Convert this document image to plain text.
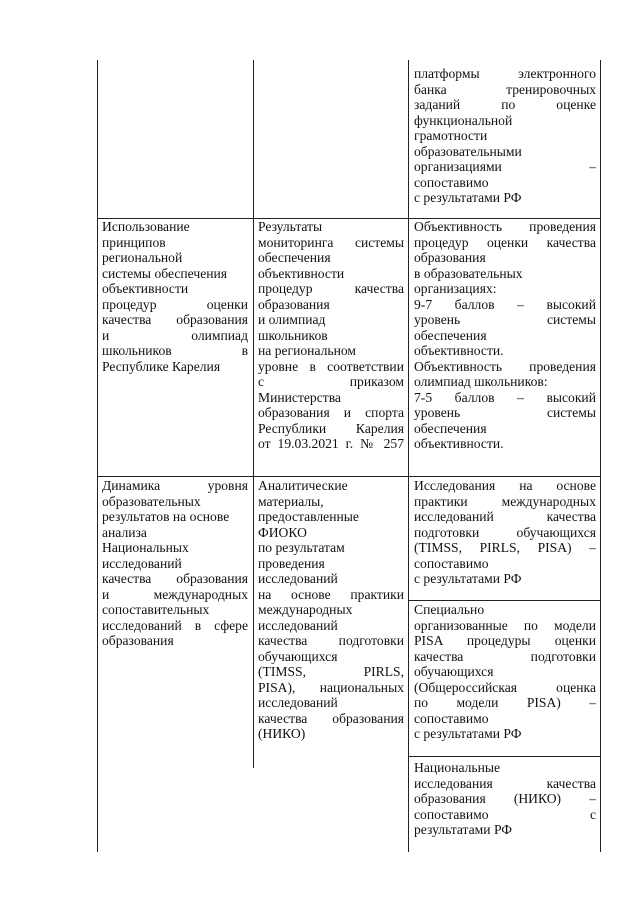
платформы электронного
банка тренировочных
заданий по оценке
функциональной
грамотности
образовательными
организациями –
сопоставимо
с результатами РФ
Использование
принципов
региональной
системы обеспечения
объективности
процедур оценки
качества образования
и олимпиад
школьников в
Республике Карелия
Результаты
мониторинга системы
обеспечения
объективности
процедур качества
образования
и олимпиад
школьников
на региональном
уровне в соответствии
с приказом
Министерства
образования и спорта
Республики Карелия
от 19.03.2021 г. № 257
Объективность проведения
процедур оценки качества
образования
в образовательных
организациях:
9-7 баллов – высокий
уровень системы
обеспечения
объективности.
Объективность проведения
олимпиад школьников:
7-5 баллов – высокий
уровень системы
обеспечения
объективности.
Динамика уровня
образовательных
результатов на основе
анализа
Национальных
исследований
качества образования
и международных
сопоставительных
исследований в сфере
образования
Аналитические
материалы,
предоставленные
ФИОКО
по результатам
проведения
исследований
на основе практики
международных
исследований
качества подготовки
обучающихся
(TIMSS, PIRLS,
PISA), национальных
исследований
качества образования
(НИКО)
Исследования на основе
практики международных
исследований качества
подготовки обучающихся
(TIMSS, PIRLS, PISA) –
сопоставимо
с результатами РФ
Специально
организованные по модели
PISA процедуры оценки
качества подготовки
обучающихся
(Общероссийская оценка
по модели PISA) –
сопоставимо
с результатами РФ
Национальные
исследования качества
образования (НИКО) –
сопоставимо с
результатами РФ
